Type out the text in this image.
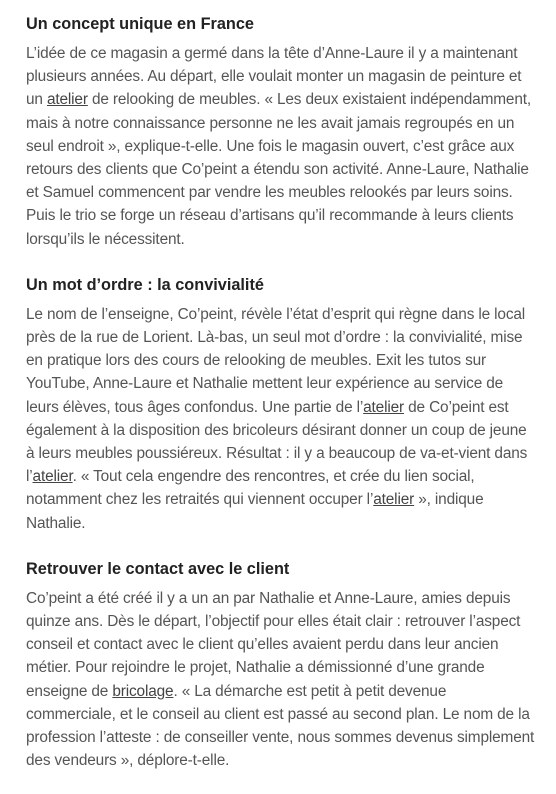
Un concept unique en France

L’idée de ce magasin a germé dans la tête d’Anne-Laure il y a maintenant plusieurs années. Au départ, elle voulait monter un magasin de peinture et un atelier de relooking de meubles. « Les deux existaient indépendamment, mais à notre connaissance personne ne les avait jamais regroupés en un seul endroit », explique-t-elle. Une fois le magasin ouvert, c’est grâce aux retours des clients que Co’peint a étendu son activité. Anne-Laure, Nathalie et Samuel commencent par vendre les meubles relookés par leurs soins. Puis le trio se forge un réseau d’artisans qu’il recommande à leurs clients lorsqu’ils le nécessitent.

Un mot d’ordre : la convivialité

Le nom de l’enseigne, Co’peint, révèle l’état d’esprit qui règne dans le local près de la rue de Lorient. Là-bas, un seul mot d’ordre : la convivialité, mise en pratique lors des cours de relooking de meubles. Exit les tutos sur YouTube, Anne-Laure et Nathalie mettent leur expérience au service de leurs élèves, tous âges confondus. Une partie de l’atelier de Co’peint est également à la disposition des bricoleurs désirant donner un coup de jeune à leurs meubles poussiéreux. Résultat : il y a beaucoup de va-et-vient dans l’atelier. « Tout cela engendre des rencontres, et crée du lien social, notamment chez les retraités qui viennent occuper l’atelier », indique Nathalie.

Retrouver le contact avec le client

Co’peint a été créé il y a un an par Nathalie et Anne-Laure, amies depuis quinze ans. Dès le départ, l’objectif pour elles était clair : retrouver l’aspect conseil et contact avec le client qu’elles avaient perdu dans leur ancien métier. Pour rejoindre le projet, Nathalie a démissionné d’une grande enseigne de bricolage. « La démarche est petit à petit devenue commerciale, et le conseil au client est passé au second plan. Le nom de la profession l’atteste : de conseiller vente, nous sommes devenus simplement des vendeurs », déplore-t-elle.
